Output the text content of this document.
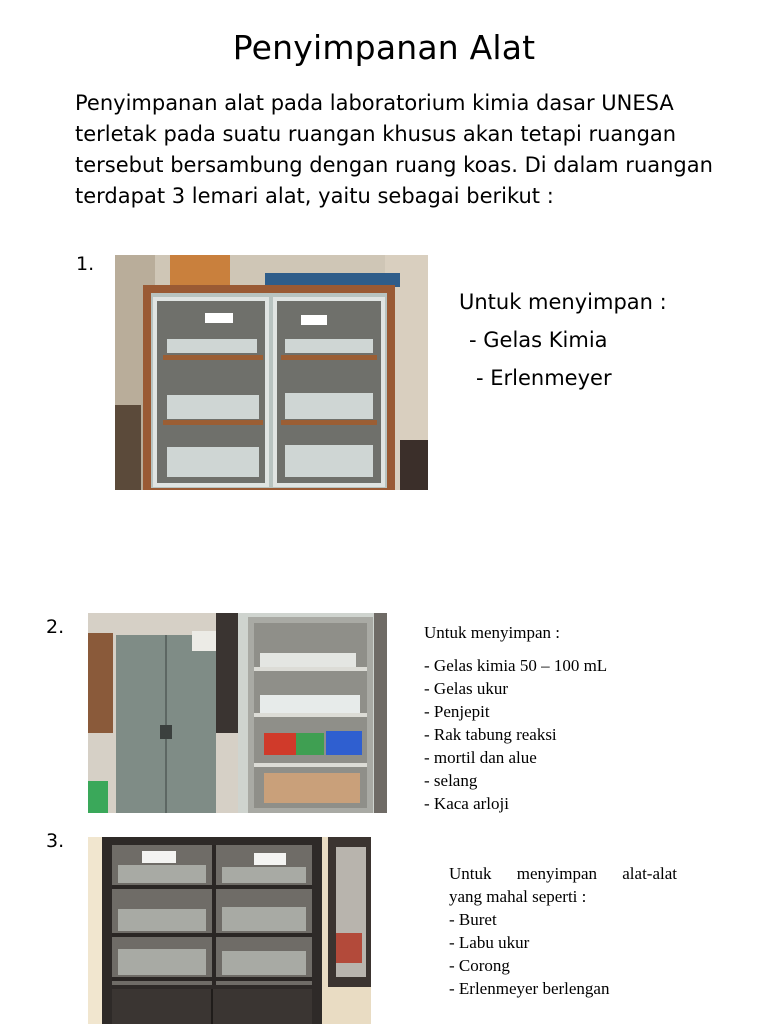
Penyimpanan Alat
Penyimpanan alat pada laboratorium kimia dasar UNESA terletak pada suatu ruangan khusus akan tetapi ruangan tersebut bersambung dengan ruang koas. Di dalam ruangan terdapat 3 lemari alat, yaitu sebagai berikut :
1.
Untuk menyimpan :
- Gelas Kimia
- Erlenmeyer
2.	Untuk menyimpan :
- Gelas kimia 50 – 100 mL
- Gelas ukur
- Penjepit
- Rak tabung reaksi
- mortil dan alue
- selang
- Kaca arloji
3.
Untuk menyimpan alat-alat
yang mahal seperti :
- Buret
- Labu ukur
- Corong
- Erlenmeyer berlengan
